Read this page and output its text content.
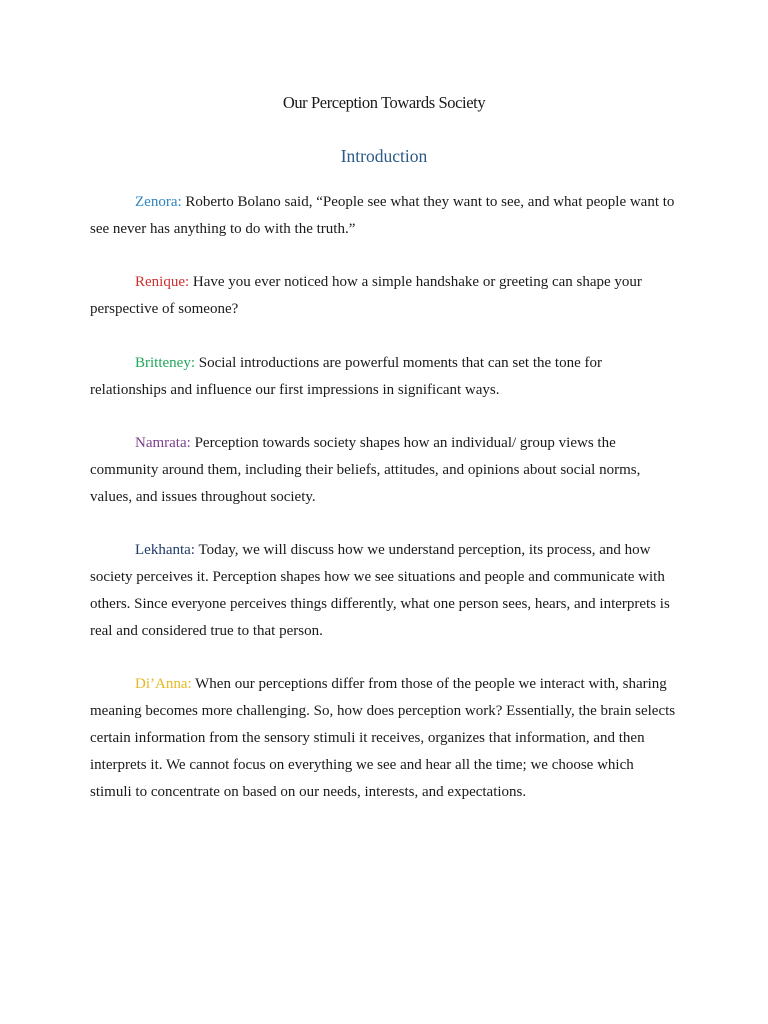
Our Perception Towards Society
Introduction

Zenora: Roberto Bolano said, “People see what they want to see, and what people want to see never has anything to do with the truth.”

Renique: Have you ever noticed how a simple handshake or greeting can shape your perspective of someone?

Britteney: Social introductions are powerful moments that can set the tone for relationships and influence our first impressions in significant ways.

Namrata: Perception towards society shapes how an individual/ group views the community around them, including their beliefs, attitudes, and opinions about social norms, values, and issues throughout society.

Lekhanta: Today, we will discuss how we understand perception, its process, and how society perceives it. Perception shapes how we see situations and people and communicate with others. Since everyone perceives things differently, what one person sees, hears, and interprets is real and considered true to that person.

Di’Anna: When our perceptions differ from those of the people we interact with, sharing meaning becomes more challenging. So, how does perception work? Essentially, the brain selects certain information from the sensory stimuli it receives, organizes that information, and then interprets it. We cannot focus on everything we see and hear all the time; we choose which stimuli to concentrate on based on our needs, interests, and expectations.
